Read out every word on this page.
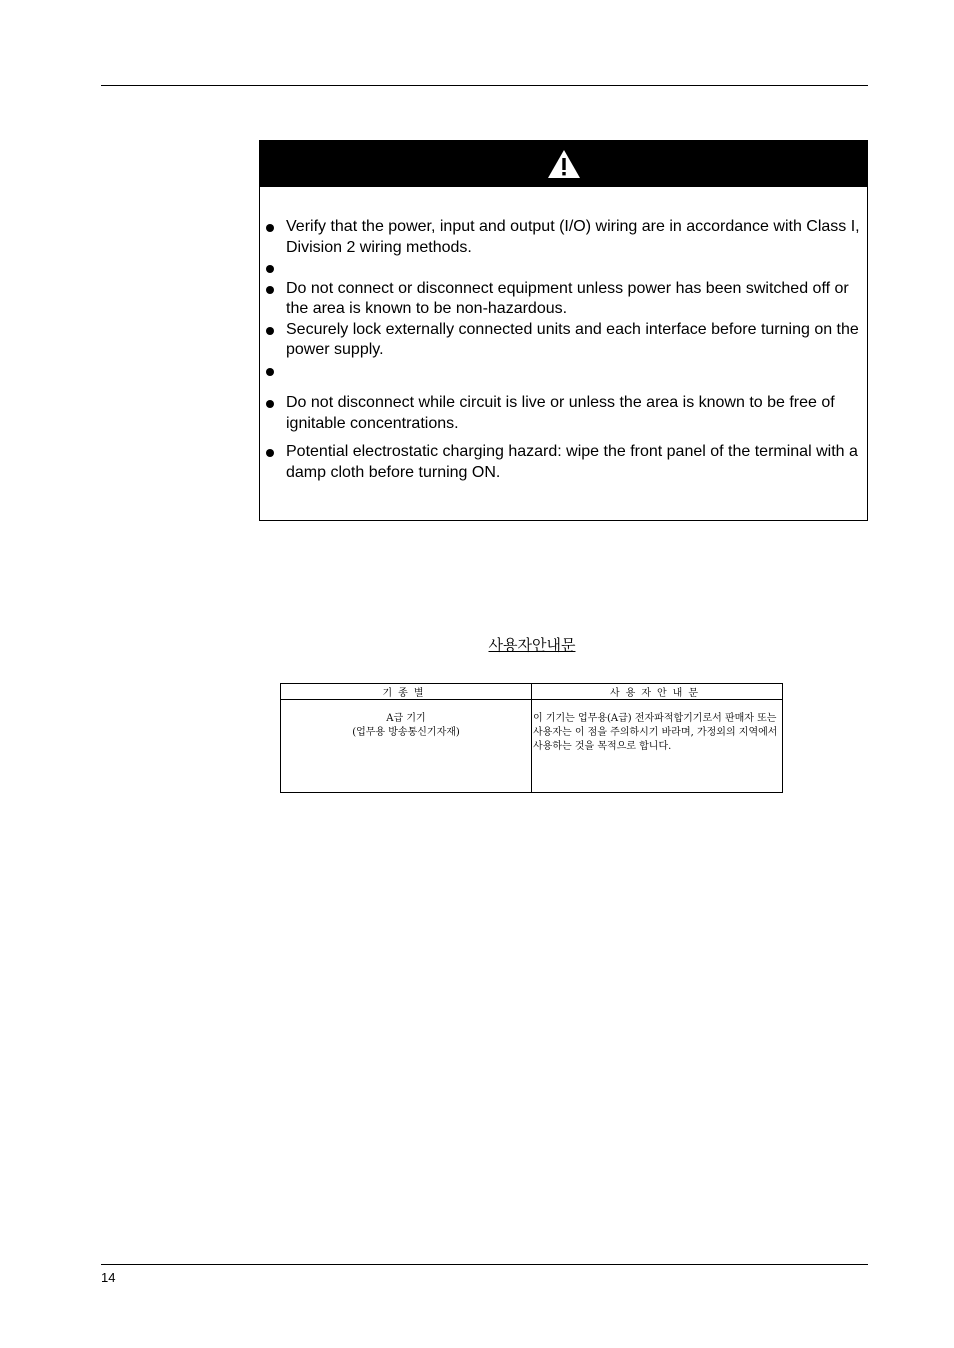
Verify that the power, input and output (I/O) wiring are in accordance with Class I, Division 2 wiring methods.
Do not connect or disconnect equipment unless power has been switched off or the area is known to be non-hazardous.
Securely lock externally connected units and each interface before turning on the power supply.
Do not disconnect while circuit is live or unless the area is known to be free of ignitable concentrations.
Potential electrostatic charging hazard: wipe the front panel of the terminal with a damp cloth before turning ON.
사용자안내문
기종별	사용자안내문

A급 기기
(업무용 방송통신기자재)	이 기기는 업무용(A급) 전자파적합기기로서 판매자 또는 사용자는 이 점을 주의하시기 바라며, 가정외의 지역에서 사용하는 것을 목적으로 합니다.
14
